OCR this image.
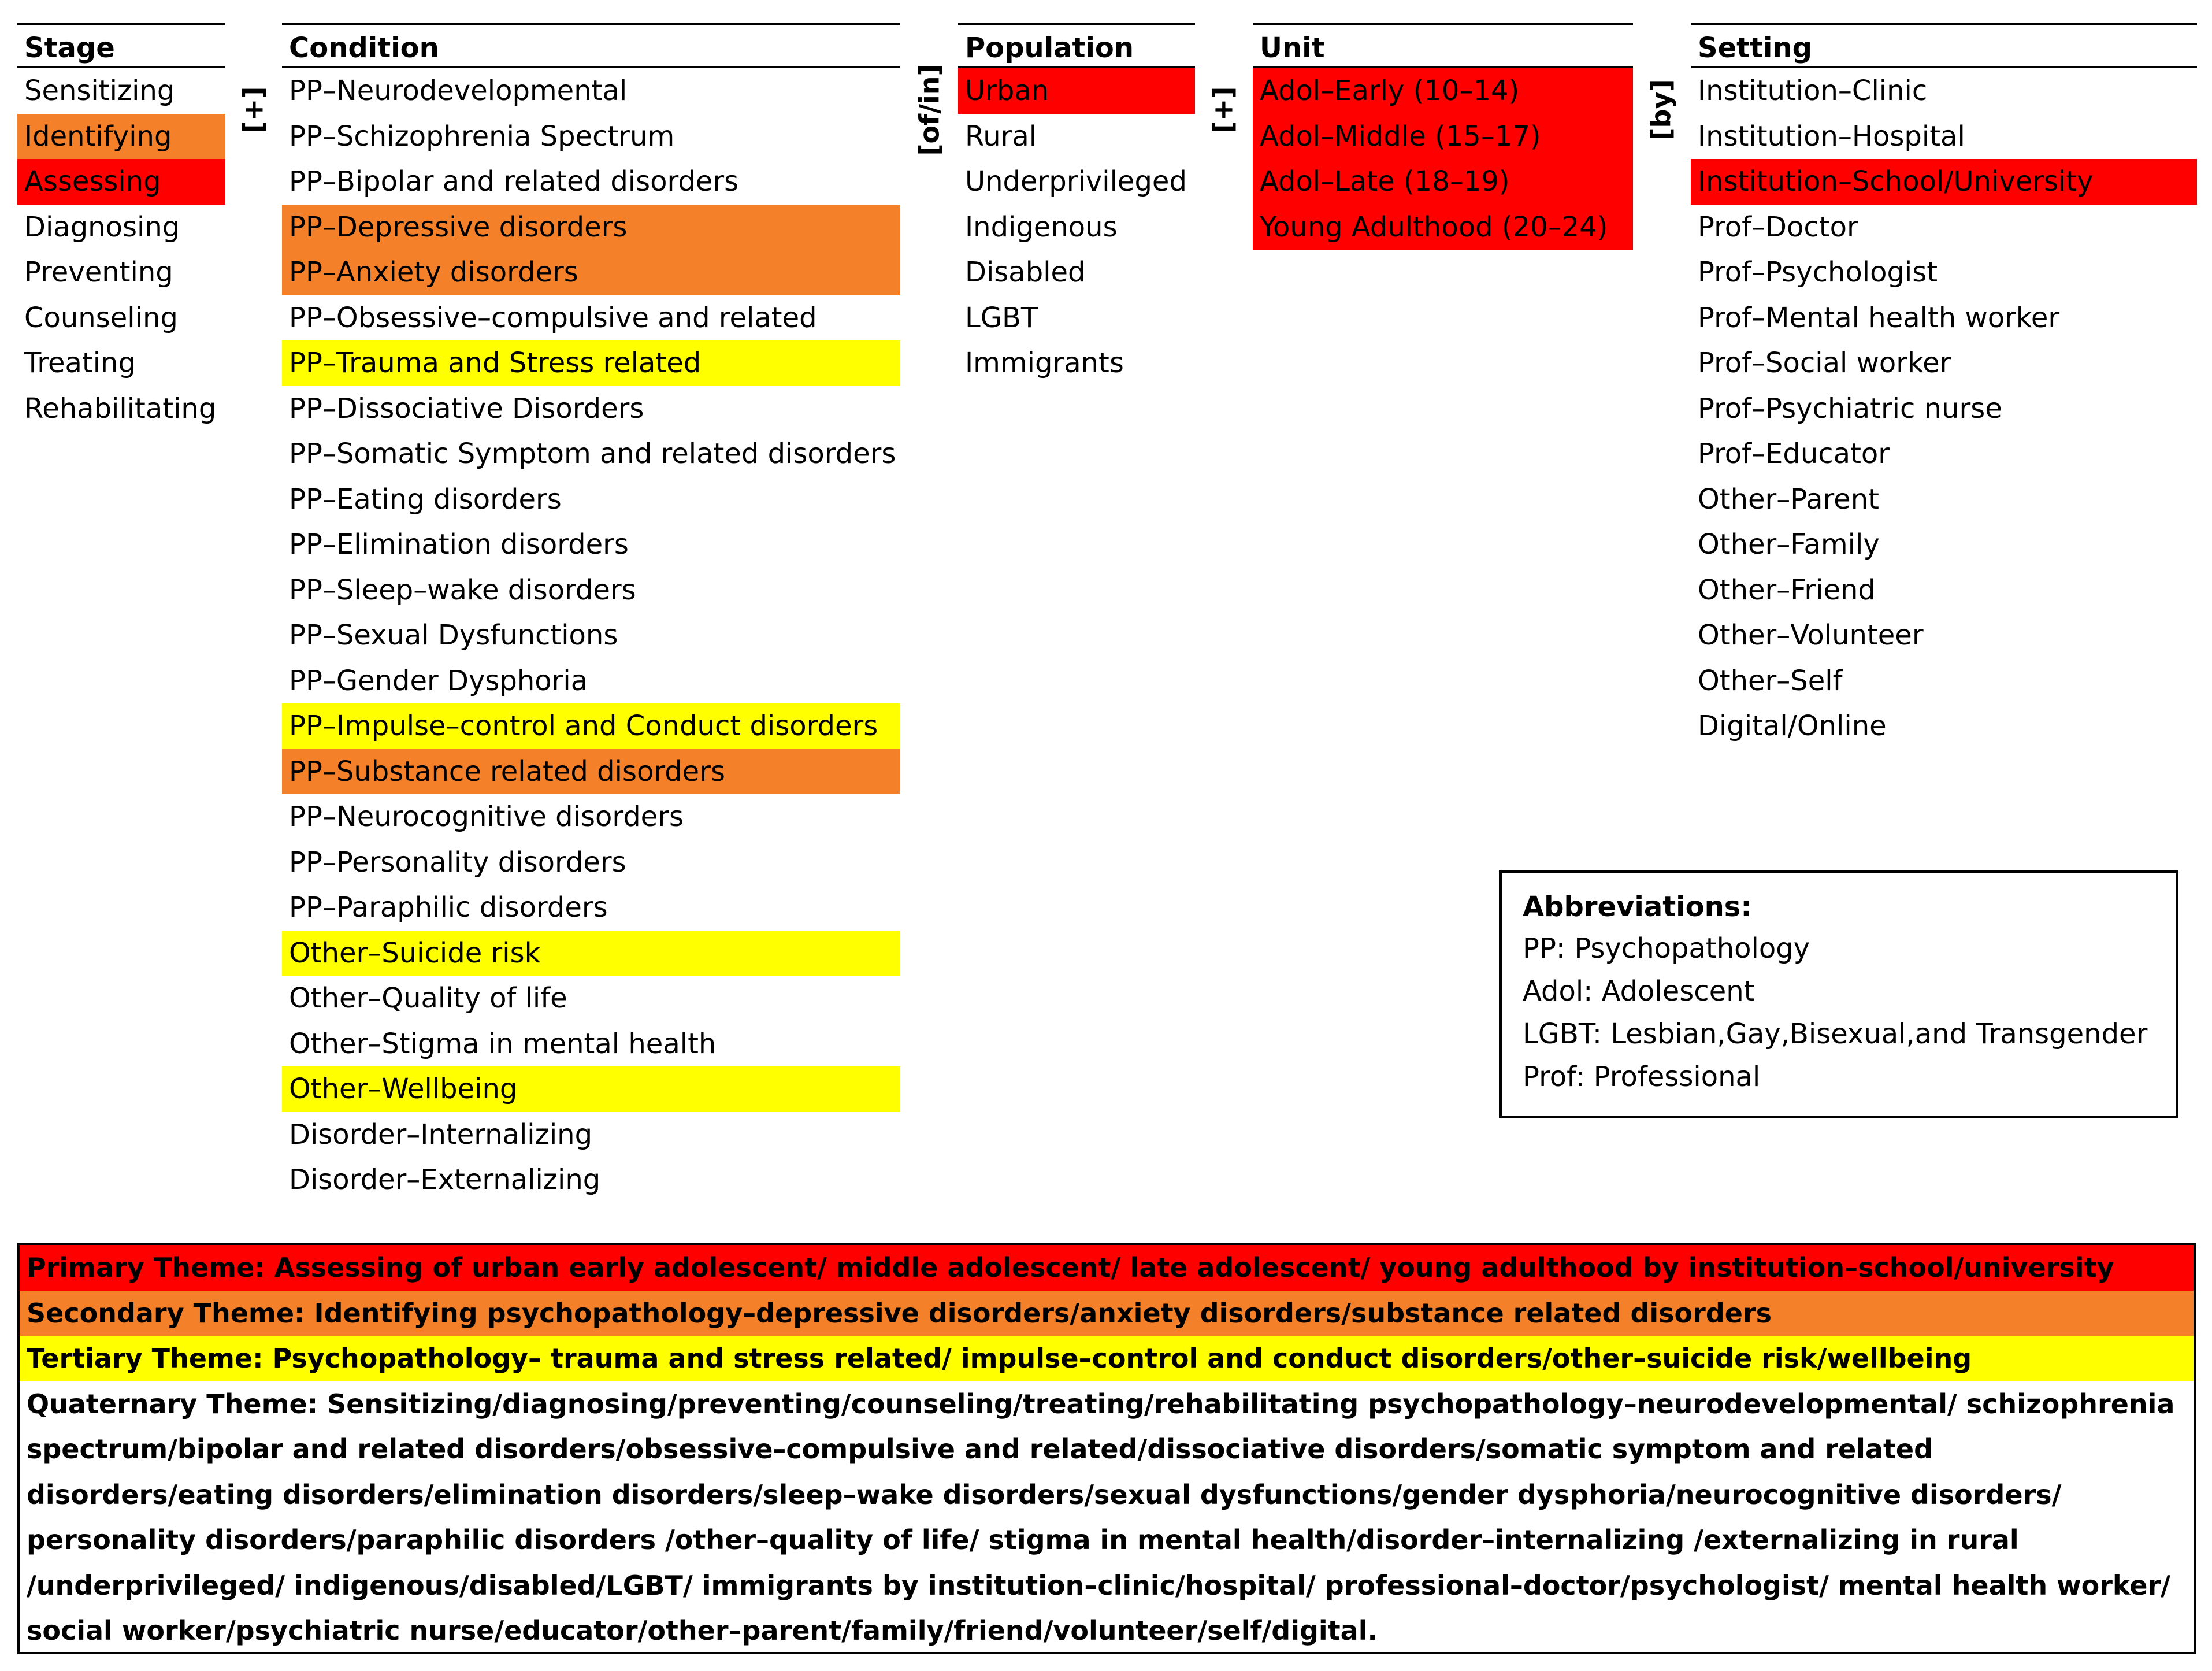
Stage
Sensitizing
Identifying
Assessing
Diagnosing
Preventing
Counseling
Treating
Rehabilitating
[+]
Condition
PP–Neurodevelopmental
PP–Schizophrenia Spectrum
PP–Bipolar and related disorders
PP–Depressive disorders
PP–Anxiety disorders
PP–Obsessive–compulsive and related
PP–Trauma and Stress related
PP–Dissociative Disorders
PP–Somatic Symptom and related disorders
PP–Eating disorders
PP–Elimination disorders
PP–Sleep–wake disorders
PP–Sexual Dysfunctions
PP–Gender Dysphoria
PP–Impulse–control and Conduct disorders
PP–Substance related disorders
PP–Neurocognitive disorders
PP–Personality disorders
PP–Paraphilic disorders
Other–Suicide risk
Other–Quality of life
Other–Stigma in mental health
Other–Wellbeing
Disorder–Internalizing
Disorder–Externalizing
[of/in]
Population
Urban
Rural
Underprivileged
Indigenous
Disabled
LGBT
Immigrants
[+]
Unit
Adol–Early (10–14)
Adol–Middle (15–17)
Adol–Late (18–19)
Young Adulthood (20–24)
[by]
Setting
Institution–Clinic
Institution–Hospital
Institution–School/University
Prof–Doctor
Prof–Psychologist
Prof–Mental health worker
Prof–Social worker
Prof–Psychiatric nurse
Prof–Educator
Other–Parent
Other–Family
Other–Friend
Other–Volunteer
Other–Self
Digital/Online
Abbreviations:
PP: Psychopathology
Adol: Adolescent
LGBT: Lesbian,Gay,Bisexual,and Transgender
Prof: Professional
Primary Theme: Assessing of urban early adolescent/ middle adolescent/ late adolescent/ young adulthood by institution–school/university
Secondary Theme: Identifying psychopathology–depressive disorders/anxiety disorders/substance related disorders
Tertiary Theme: Psychopathology– trauma and stress related/ impulse–control and conduct disorders/other–suicide risk/wellbeing
Quaternary Theme: Sensitizing/diagnosing/preventing/counseling/treating/rehabilitating psychopathology–neurodevelopmental/ schizophrenia spectrum/bipolar and related disorders/obsessive–compulsive and related/dissociative disorders/somatic symptom and related disorders/eating disorders/elimination disorders/sleep–wake disorders/sexual dysfunctions/gender dysphoria/neurocognitive disorders/ personality disorders/paraphilic disorders /other–quality of life/ stigma in mental health/disorder–internalizing /externalizing in rural /underprivileged/ indigenous/disabled/LGBT/ immigrants by institution–clinic/hospital/ professional–doctor/psychologist/ mental health worker/ social worker/psychiatric nurse/educator/other–parent/family/friend/volunteer/self/digital.
